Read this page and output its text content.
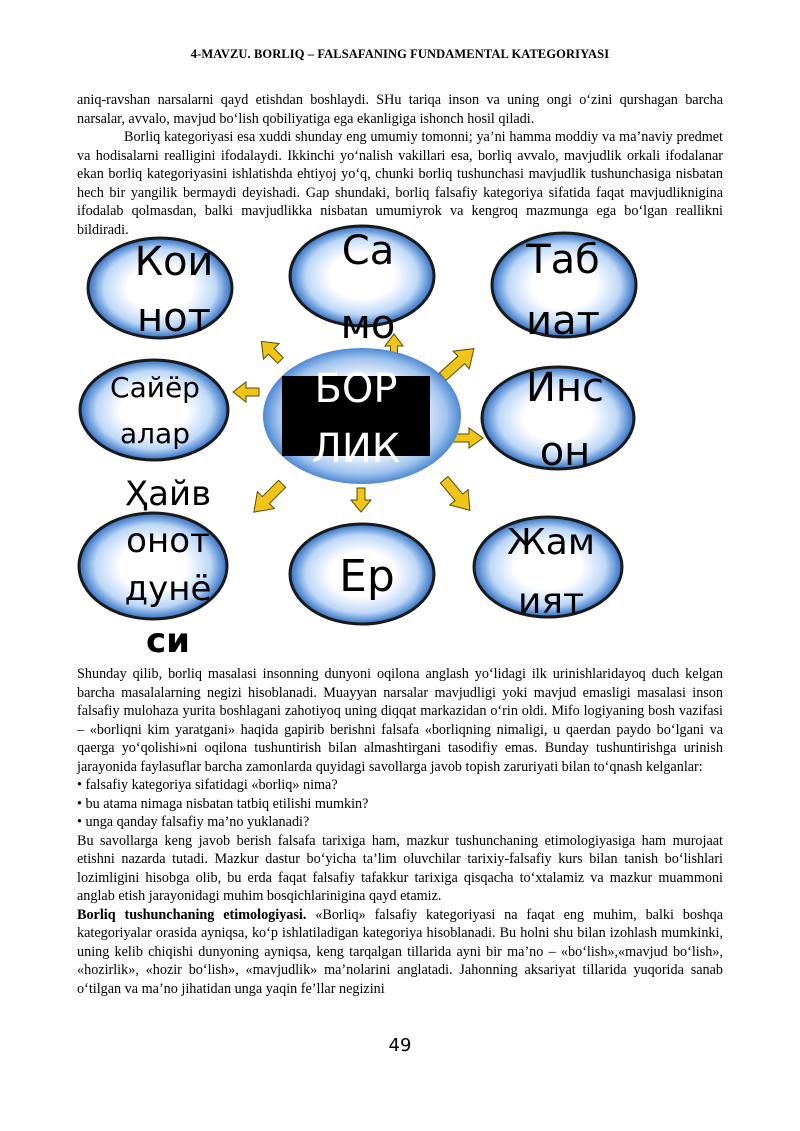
4-MAVZU. BORLIQ – FALSAFANING FUNDAMENTAL KATEGORIYASI

aniq-ravshan narsalarni qayd etishdan boshlaydi. SHu tariqa inson va uning ongi o‘zini qurshagan barcha narsalar, avvalo, mavjud bo‘lish qobiliyatiga ega ekanligiga ishonch hosil qiladi.

Borliq kategoriyasi esa xuddi shunday eng umumiy tomonni; ya’ni hamma moddiy va ma’naviy predmet va hodisalarni realligini ifodalaydi. Ikkinchi yo‘nalish vakillari esa, borliq avvalo, mavjudlik orkali ifodalanar ekan borliq kategoriyasini ishlatishda ehtiyoj yo‘q, chunki borliq tushunchasi mavjudlik tushunchasiga nisbatan hech bir yangilik bermaydi deyishadi. Gap shundaki, borliq falsafiy kategoriya sifatida faqat mavjudliknigina ifodalab qolmasdan, balki mavjudlikka nisbatan umumiyrok va kengroq mazmunga ega bo‘lgan reallikni bildiradi.

БОР
ЛИК
Кои
нот
Са
мо
Таб
иат
Сайёр
алар
Инс
он
Ҳайв
онот
дунё
си
Ер
Жам
ият

Shunday qilib, borliq masalasi insonning dunyoni oqilona anglash yo‘lidagi ilk urinishlaridayoq duch kelgan barcha masalalarning negizi hisoblanadi. Muayyan narsalar mavjudligi yoki mavjud emasligi masalasi inson falsafiy mulohaza yurita boshlagani zahotiyoq uning diqqat markazidan o‘rin oldi. Mifo logiyaning bosh vazifasi – «borliqni kim yaratgani» haqida gapirib berishni falsafa «borliqning nimaligi, u qaerdan paydo bo‘lgani va qaerga yo‘qolishi»ni oqilona tushuntirish bilan almashtirgani tasodifiy emas. Bunday tushuntirishga urinish jarayonida faylasuflar barcha zamonlarda quyidagi savollarga javob topish zaruriyati bilan to‘qnash kelganlar:

• falsafiy kategoriya sifatidagi «borliq» nima?

• bu atama nimaga nisbatan tatbiq etilishi mumkin?

• unga qanday falsafiy ma’no yuklanadi?

Bu savollarga keng javob berish falsafa tarixiga ham, mazkur tushunchaning etimologiyasiga ham murojaat etishni nazarda tutadi. Mazkur dastur bo‘yicha ta’lim oluvchilar tarixiy-falsafiy kurs bilan tanish bo‘lishlari lozimligini hisobga olib, bu erda faqat falsafiy tafakkur tarixiga qisqacha to‘xtalamiz va mazkur muammoni anglab etish jarayonidagi muhim bosqichlarinigina qayd etamiz.

Borliq tushunchaning etimologiyasi. «Borliq» falsafiy kategoriyasi na faqat eng muhim, balki boshqa kategoriyalar orasida ayniqsa, ko‘p ishlatiladigan kategoriya hisoblanadi. Bu holni shu bilan izohlash mumkinki, uning kelib chiqishi dunyoning ayniqsa, keng tarqalgan tillarida ayni bir ma’no – «bo‘lish»,«mavjud bo‘lish», «hozirlik», «hozir bo‘lish», «mavjudlik» ma’nolarini anglatadi. Jahonning aksariyat tillarida yuqorida sanab o‘tilgan va ma’no jihatidan unga yaqin fe’llar negizini

49
